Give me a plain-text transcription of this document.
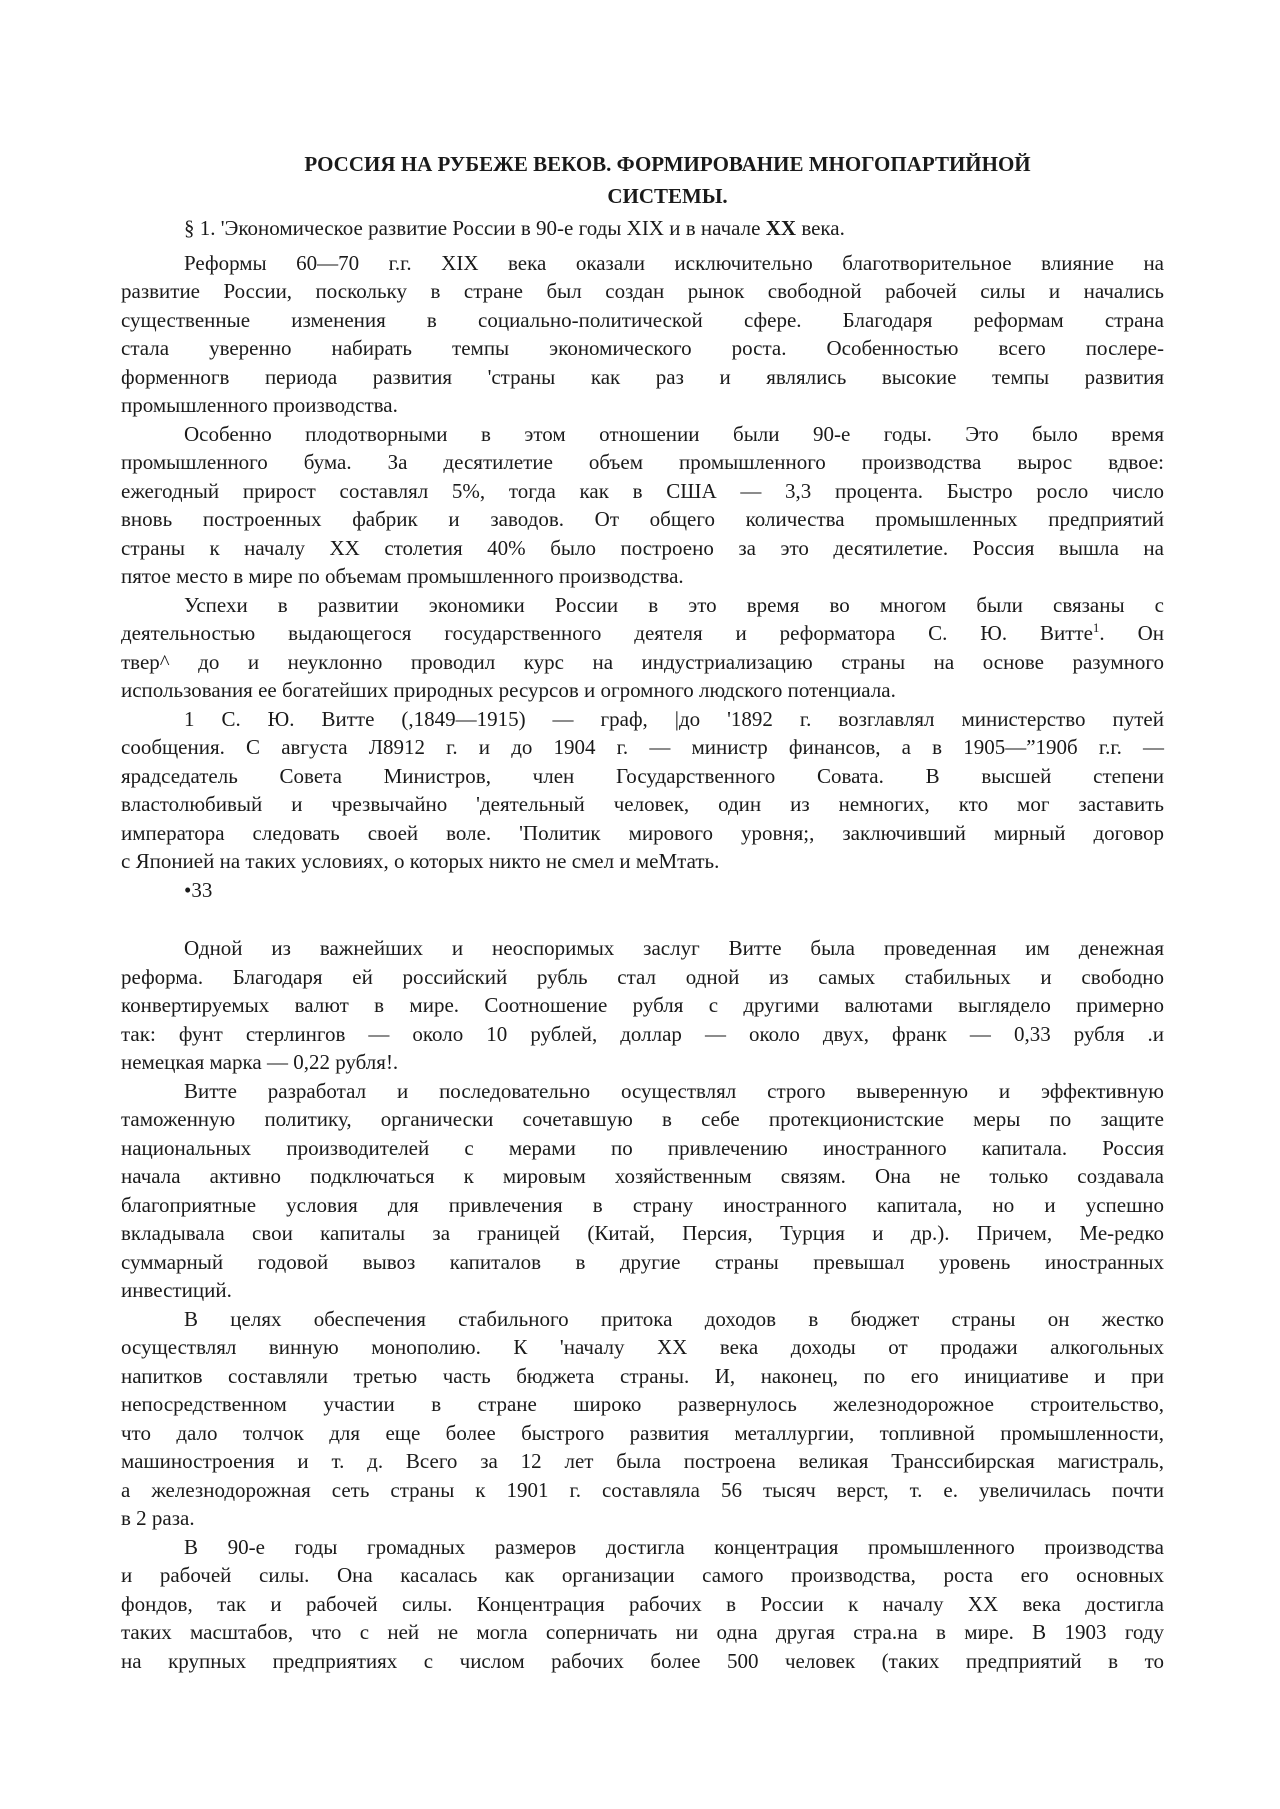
РОССИЯ НА РУБЕЖЕ ВЕКОВ. ФОРМИРОВАНИЕ МНОГОПАРТИЙНОЙ
СИСТЕМЫ.
§ 1. 'Экономическое развитие России в 90-е годы XIX и в начале XX века.
Реформы 60—70 г.г. XIX века оказали исключительно благотворительное влияние на
развитие России, поскольку в стране был создан рынок свободной рабочей силы и начались
существенные изменения в социально-политической сфере. Благодаря реформам страна
стала уверенно набирать темпы экономического роста. Особенностью всего послере-
форменногв периода развития 'страны как раз и являлись высокие темпы развития
промышленного производства.
Особенно плодотворными в этом отношении были 90-е годы. Это было время
промышленного бума. За десятилетие объем промышленного производства вырос вдвое:
ежегодный прирост составлял 5%, тогда как в США — 3,3 процента. Быстро росло число
вновь построенных фабрик и заводов. От общего количества промышленных предприятий
страны к началу XX столетия 40% было построено за это десятилетие. Россия вышла на
пятое место в мире по объемам промышленного производства.
Успехи в развитии экономики России в это время во многом были связаны с
деятельностью выдающегося государственного деятеля и реформатора С. Ю. Витте$^1$. Он
твер^ до и неуклонно проводил курс на индустриализацию страны на основе разумного
использования ее богатейших природных ресурсов и огромного людского потенциала.
1 С. Ю. Витте (,1849—1915) — граф, |до '1892 г. возглавлял министерство путей
сообщения. С августа Л8912 г. и до 1904 г. — министр финансов, а в 1905—”190б г.г. —
ярадседатель Совета Министров, член Государственного Совата. В высшей степени
властолюбивый и чрезвычайно 'деятельный человек, один из немногих, кто мог заставить
императора следовать своей воле. 'Политик мирового уровня;, заключивший мирный договор
с Японией на таких условиях, о которых никто не смел и меМтать.
•33
Одной из важнейших и неоспоримых заслуг Витте была проведенная им денежная
реформа. Благодаря ей российский рубль стал одной из самых стабильных и свободно
конвертируемых валют в мире. Соотношение рубля с другими валютами выглядело примерно
так: фунт стерлингов — около 10 рублей, доллар — около двух, франк — 0,33 рубля .и
немецкая марка — 0,22 рубля!.
Витте разработал и последовательно осуществлял строго выверенную и эффективную
таможенную политику, органически сочетавшую в себе протекционистские меры по защите
национальных производителей с мерами по привлечению иностранного капитала. Россия
начала активно подключаться к мировым хозяйственным связям. Она не только создавала
благоприятные условия для привлечения в страну иностранного капитала, но и успешно
вкладывала свои капиталы за границей (Китай, Персия, Турция и др.). Причем, Ме-редко
суммарный годовой вывоз капиталов в другие страны превышал уровень иностранных
инвестиций.
В целях обеспечения стабильного притока доходов в бюджет страны он жестко
осуществлял винную монополию. К 'началу XX века доходы от продажи алкогольных
напитков составляли третью часть бюджета страны. И, наконец, по его инициативе и при
непосредственном участии в стране широко развернулось железнодорожное строительство,
что дало толчок для еще более быстрого развития металлургии, топливной промышленности,
машиностроения и т. д. Всего за 12 лет была построена великая Транссибирская магистраль,
а железнодорожная сеть страны к 1901 г. составляла 56 тысяч верст, т. е. увеличилась почти
в 2 раза.
В 90-е годы громадных размеров достигла концентрация промышленного производства
и рабочей силы. Она касалась как организации самого производства, роста его основных
фондов, так и рабочей силы. Концентрация рабочих в России к началу XX века достигла
таких масштабов, что с ней не могла соперничать ни одна другая стра.на в мире. В 1903 году
на крупных предприятиях с числом рабочих более 500 человек (таких предприятий в то
